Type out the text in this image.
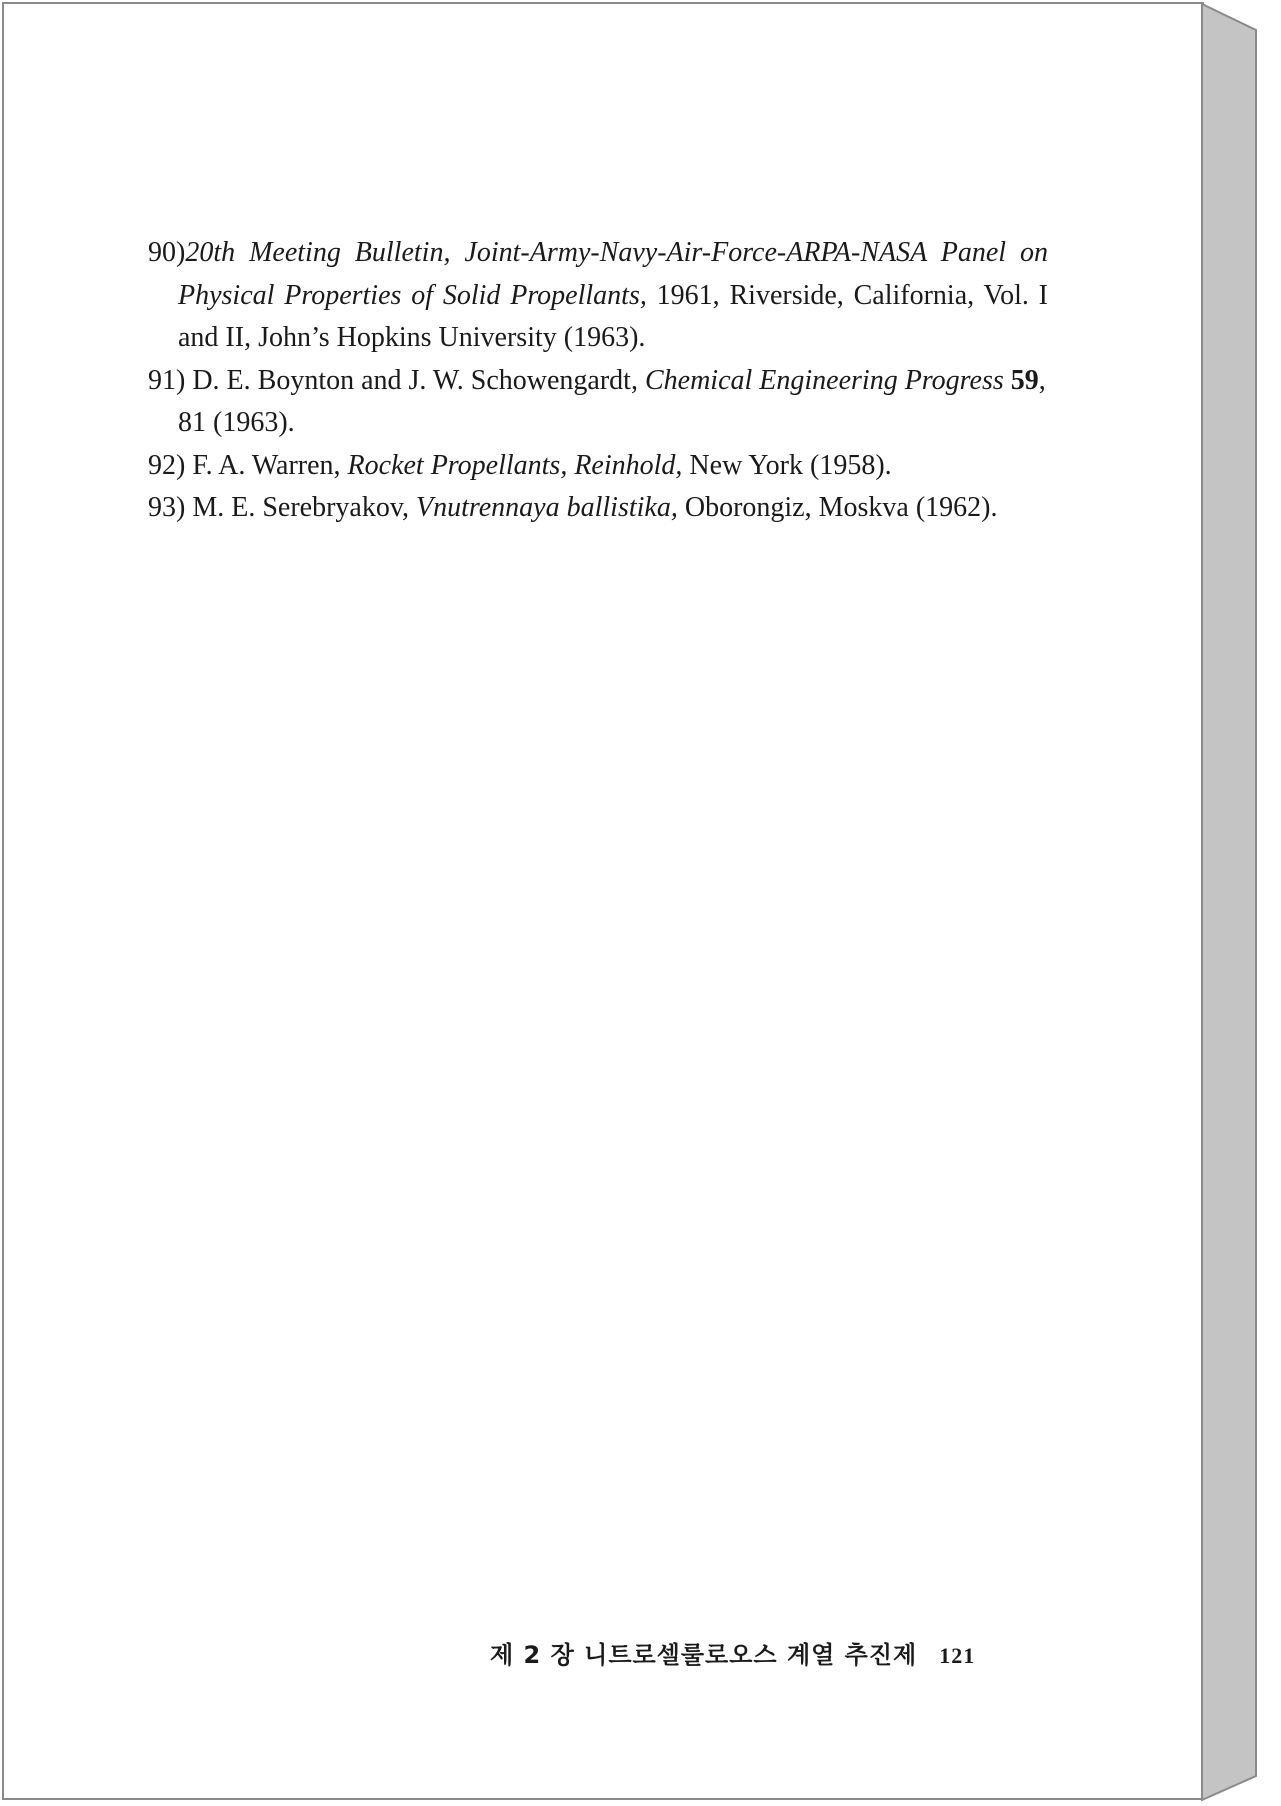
90)20th Meeting Bulletin, Joint-Army-Navy-Air-Force-ARPA-NASA Panel on Physical Properties of Solid Propellants, 1961, Riverside, California, Vol. I and II, John’s Hopkins University (1963).

91) D. E. Boynton and J. W. Schowengardt, Chemical Engineering Progress 59, 81 (1963).

92) F. A. Warren, Rocket Propellants, Reinhold, New York (1958).

93) M. E. Serebryakov, Vnutrennaya ballistika, Oborongiz, Moskva (1962).

제 2 장 니트로셀룰로오스 계열 추진제 121
